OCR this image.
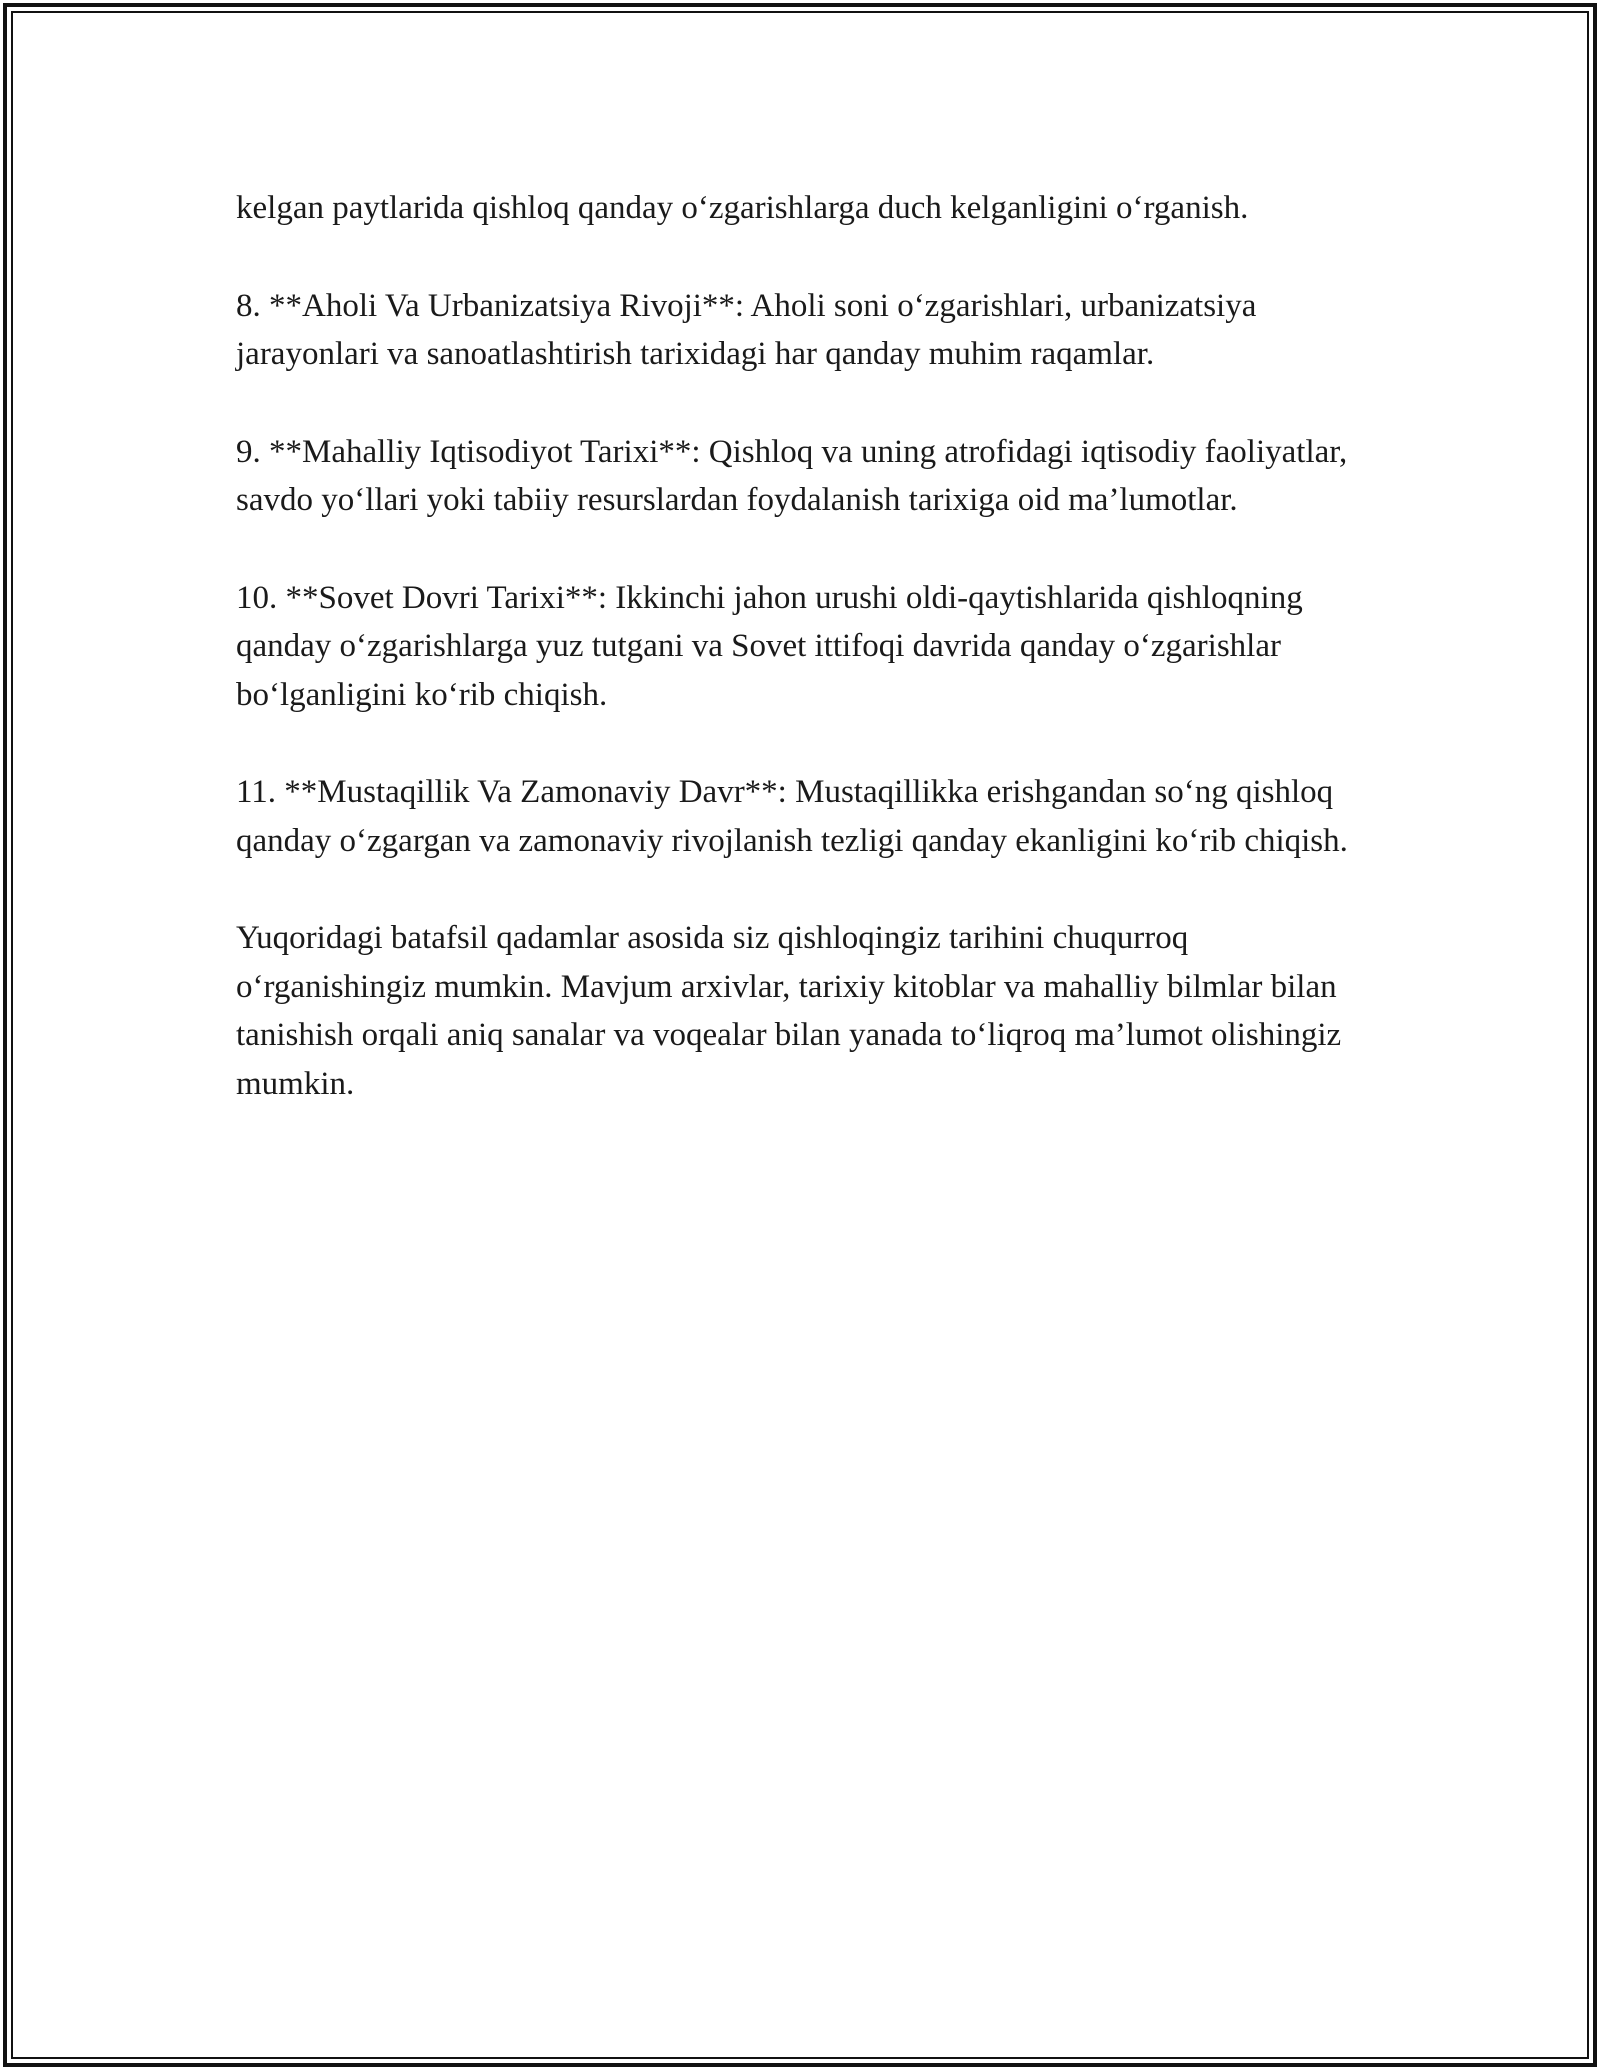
kelgan paytlarida qishloq qanday o‘zgarishlarga duch kelganligini o‘rganish.

8. **Aholi Va Urbanizatsiya Rivoji**: Aholi soni o‘zgarishlari, urbanizatsiya jarayonlari va sanoatlashtirish tarixidagi har qanday muhim raqamlar.

9. **Mahalliy Iqtisodiyot Tarixi**: Qishloq va uning atrofidagi iqtisodiy faoliyatlar, savdo yo‘llari yoki tabiiy resurslardan foydalanish tarixiga oid ma’lumotlar.

10. **Sovet Dovri Tarixi**: Ikkinchi jahon urushi oldi-qaytishlarida qishloqning qanday o‘zgarishlarga yuz tutgani va Sovet ittifoqi davrida qanday o‘zgarishlar bo‘lganligini ko‘rib chiqish.

11. **Mustaqillik Va Zamonaviy Davr**: Mustaqillikka erishgandan so‘ng qishloq qanday o‘zgargan va zamonaviy rivojlanish tezligi qanday ekanligini ko‘rib chiqish.

Yuqoridagi batafsil qadamlar asosida siz qishloqingiz tarihini chuqurroq o‘rganishingiz mumkin. Mavjum arxivlar, tarixiy kitoblar va mahalliy bilmlar bilan tanishish orqali aniq sanalar va voqealar bilan yanada to‘liqroq ma’lumot olishingiz mumkin.
